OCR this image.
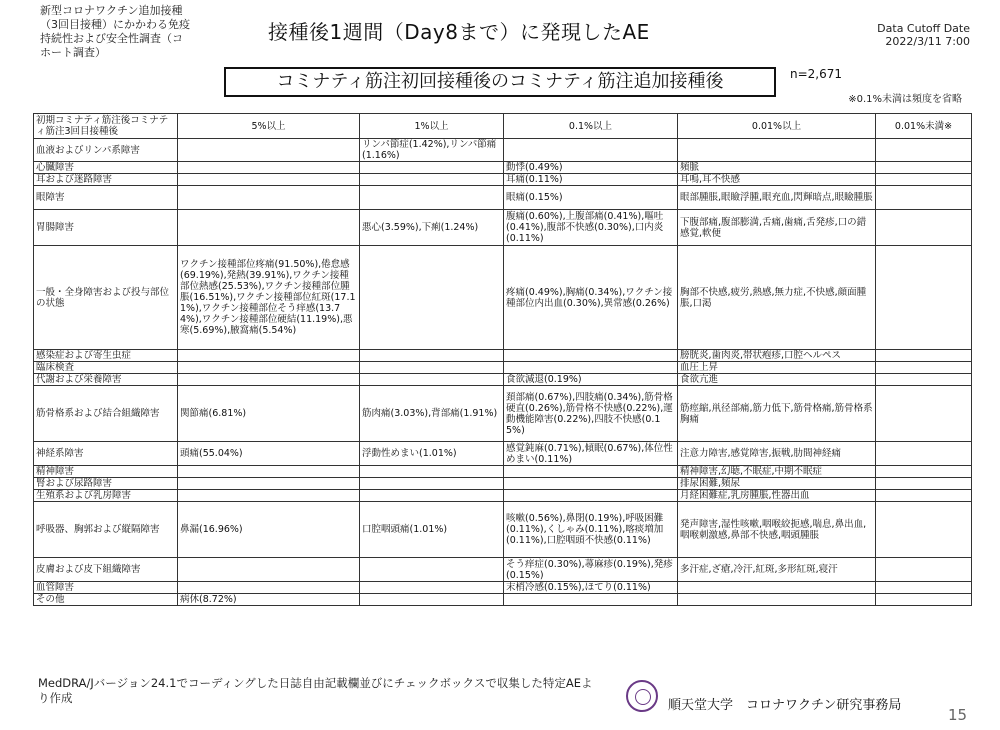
新型コロナワクチン追加接種（3回目接種）にかかわる免疫持続性および安全性調査（コホート調査）
接種後1週間（Day8まで）に発現したAE	Data Cutoff Date
2022/3/11 7:00
コミナティ筋注初回接種後のコミナティ筋注追加接種後	n=2,671
※0.1%未満は頻度を省略
初期コミナティ筋注後コミナティ筋注3回目接種後	5%以上	1%以上	0.1%以上	0.01%以上	0.01%未満※
血液およびリンパ系障害		リンパ節症(1.42%),リンパ節痛(1.16%)			
心臓障害			動悸(0.49%)	頻脈	
耳および迷路障害			耳痛(0.11%)	耳鳴,耳不快感	
眼障害			眼痛(0.15%)	眼部腫脹,眼瞼浮腫,眼充血,閃輝暗点,眼瞼腫脹	
胃腸障害		悪心(3.59%),下痢(1.24%)	腹痛(0.60%),上腹部痛(0.41%),嘔吐(0.41%),腹部不快感(0.30%),口内炎(0.11%)	下腹部痛,腹部膨満,舌痛,歯痛,舌発疹,口の錯感覚,軟便	
一般・全身障害および投与部位の状態	ワクチン接種部位疼痛(91.50%),倦怠感(69.19%),発熱(39.91%),ワクチン接種部位熱感(25.53%),ワクチン接種部位腫脹(16.51%),ワクチン接種部位紅斑(17.11%),ワクチン接種部位そう痒感(13.74%),ワクチン接種部位硬結(11.19%),悪寒(5.69%),腋窩痛(5.54%)		疼痛(0.49%),胸痛(0.34%),ワクチン接種部位内出血(0.30%),異常感(0.26%)	胸部不快感,疲労,熱感,無力症,不快感,顔面腫脹,口渇	
感染症および寄生虫症				膀胱炎,歯肉炎,帯状疱疹,口腔ヘルペス	
臨床検査				血圧上昇	
代謝および栄養障害			食欲減退(0.19%)	食欲亢進	
筋骨格系および結合組織障害	関節痛(6.81%)	筋肉痛(3.03%),背部痛(1.91%)	頚部痛(0.67%),四肢痛(0.34%),筋骨格硬直(0.26%),筋骨格不快感(0.22%),運動機能障害(0.22%),四肢不快感(0.15%)	筋痙縮,鼡径部痛,筋力低下,筋骨格痛,筋骨格系胸痛	
神経系障害	頭痛(55.04%)	浮動性めまい(1.01%)	感覚鈍麻(0.71%),傾眠(0.67%),体位性めまい(0.11%)	注意力障害,感覚障害,振戦,肋間神経痛	
精神障害				精神障害,幻聴,不眠症,中期不眠症	
腎および尿路障害				排尿困難,頻尿	
生殖系および乳房障害				月経困難症,乳房腫脹,性器出血	
呼吸器、胸郭および縦隔障害	鼻漏(16.96%)	口腔咽頭痛(1.01%)	咳嗽(0.56%),鼻閉(0.19%),呼吸困難(0.11%),くしゃみ(0.11%),喀痰増加(0.11%),口腔咽頭不快感(0.11%)	発声障害,湿性咳嗽,咽喉絞扼感,喘息,鼻出血,咽喉刺激感,鼻部不快感,咽頭腫脹	
皮膚および皮下組織障害			そう痒症(0.30%),蕁麻疹(0.19%),発疹(0.15%)	多汗症,ざ瘡,冷汗,紅斑,多形紅斑,寝汗	
血管障害			末梢冷感(0.15%),ほてり(0.11%)		
その他	病休(8.72%)				
MedDRA/Jバージョン24.1でコーディングした日誌自由記載欄並びにチェックボックスで収集した特定AEより作成	順天堂大学　コロナワクチン研究事務局
15
